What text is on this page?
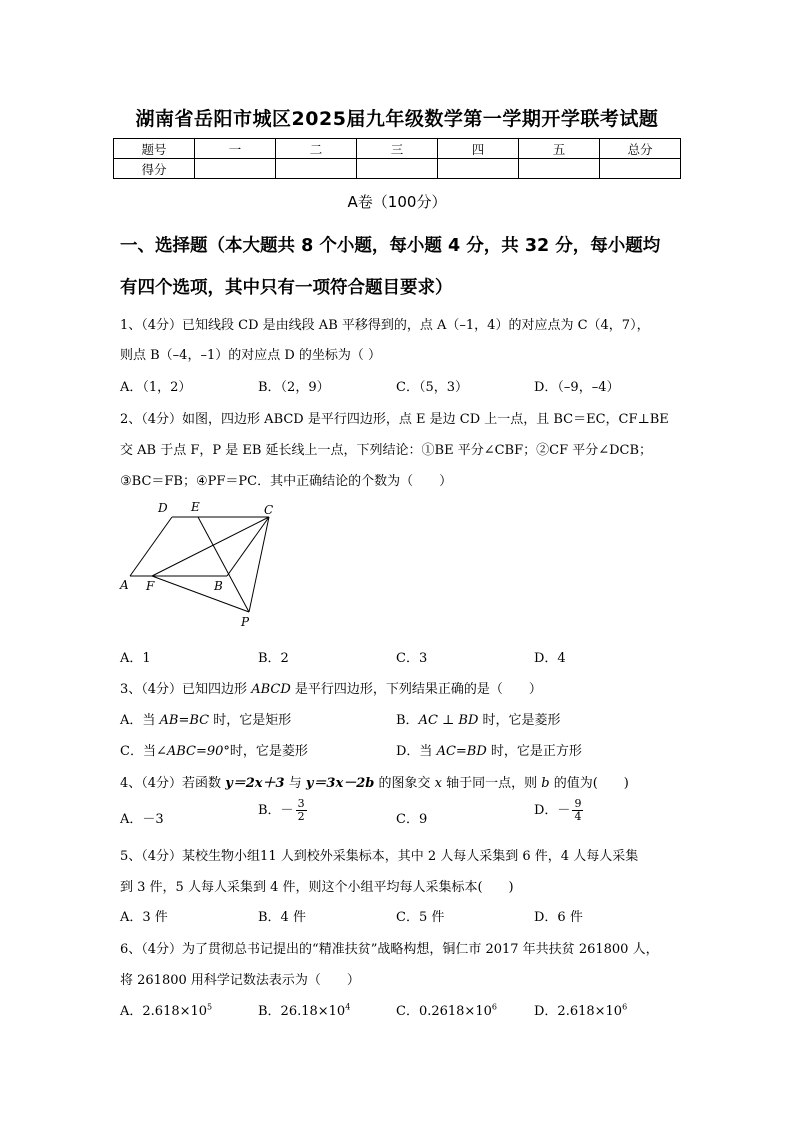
湖南省岳阳市城区2025届九年级数学第一学期开学联考试题
题号	一	二	三	四	五	总分
得分						
A卷（100分）
一、选择题（本大题共 8 个小题，每小题 4 分，共 32 分，每小题均
有四个选项，其中只有一项符合题目要求）
1、（4分）已知线段 CD 是由线段 AB 平移得到的，点 A（–1，4）的对应点为 C（4，7），
则点 B（–4，–1）的对应点 D 的坐标为（ ）
A．（1，2）	B．（2，9）	C．（5，3）	D．（–9，–4）
2、（4分）如图，四边形 ABCD 是平行四边形，点 E 是边 CD 上一点，且 BC＝EC，CF⊥BE
交 AB 于点 F，P 是 EB 延长线上一点，下列结论：①BE 平分∠CBF；②CF 平分∠DCB；
③BC＝FB；④PF＝PC．其中正确结论的个数为（　　）
D E	C
A F	B
P
A．1	B．2	C．3	D．4
3、（4分）已知四边形 ABCD 是平行四边形，下列结果正确的是（　　）
A．当 AB=BC 时，它是矩形	B．AC ⊥ BD 时，它是菱形
C．当∠ABC=90°时，它是菱形	D．当 AC=BD 时，它是正方形
4、（4分）若函数 y＝2x＋3 与 y＝3x－2b 的图象交 x 轴于同一点，则 b 的值为(　　)
A．－3
B．－ $\frac{3}{2}$	C．9
D．－ $\frac{9}{4}$
5、（4分）某校生物小组11 人到校外采集标本，其中 2 人每人采集到 6 件，4 人每人采集
到 3 件，5 人每人采集到 4 件，则这个小组平均每人采集标本(　　)
A．3 件	B．4 件	C．5 件	D．6 件
6、（4分）为了贯彻总书记提出的“精准扶贫”战略构想，铜仁市 2017 年共扶贫 261800 人，
将 261800 用科学记数法表示为（　　）
A．$2.618\times 10^5$	B．$26.18\times 10^4$	C．$0.2618\times 10^6$	D．$2.618\times 10^6$
